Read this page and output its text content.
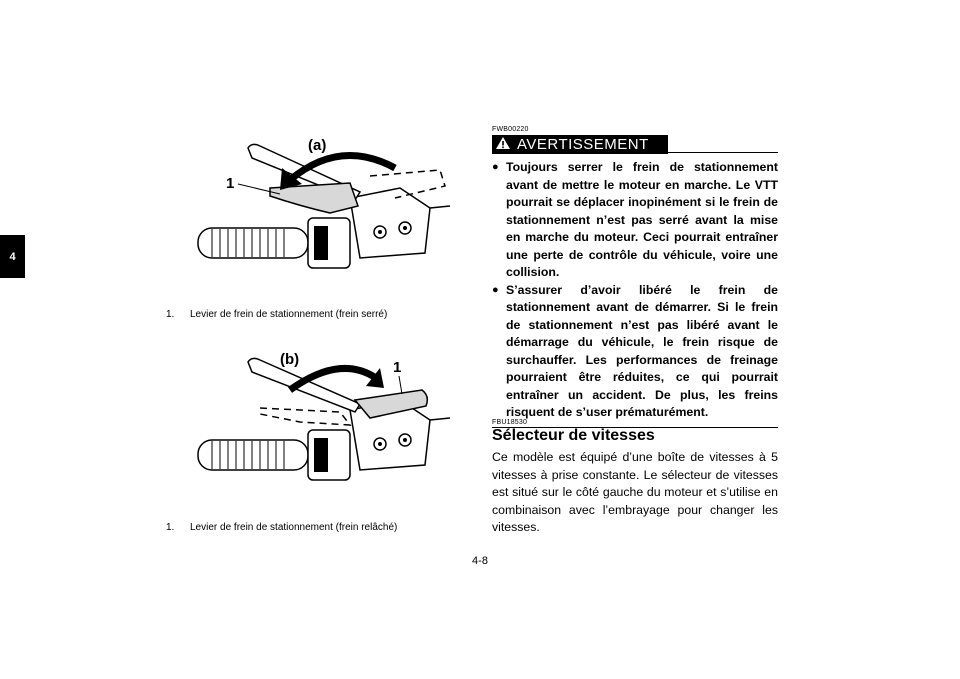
4
(a)
1
1. Levier de frein de stationnement (frein serré)
(b)	1
1. Levier de frein de stationnement (frein relâché)
FWB00220
AVERTISSEMENT
● Toujours serrer le frein de stationnement avant de mettre le moteur en marche. Le VTT pourrait se déplacer inopinément si le frein de stationnement n’est pas serré avant la mise en marche du moteur. Ceci pourrait entraîner une perte de contrôle du véhicule, voire une collision.
● S’assurer d’avoir libéré le frein de stationnement avant de démarrer. Si le frein de stationnement n’est pas libéré avant le démarrage du véhicule, le frein risque de surchauffer. Les performances de freinage pourraient être réduites, ce qui pourrait entraîner un accident. De plus, les freins risquent de s’user prématurément.
FBU18530
Sélecteur de vitesses

Ce modèle est équipé d’une boîte de vitesses à 5 vitesses à prise constante. Le sélecteur de vitesses est situé sur le côté gauche du moteur et s’utilise en combinaison avec l’embrayage pour changer les vitesses.

4-8
